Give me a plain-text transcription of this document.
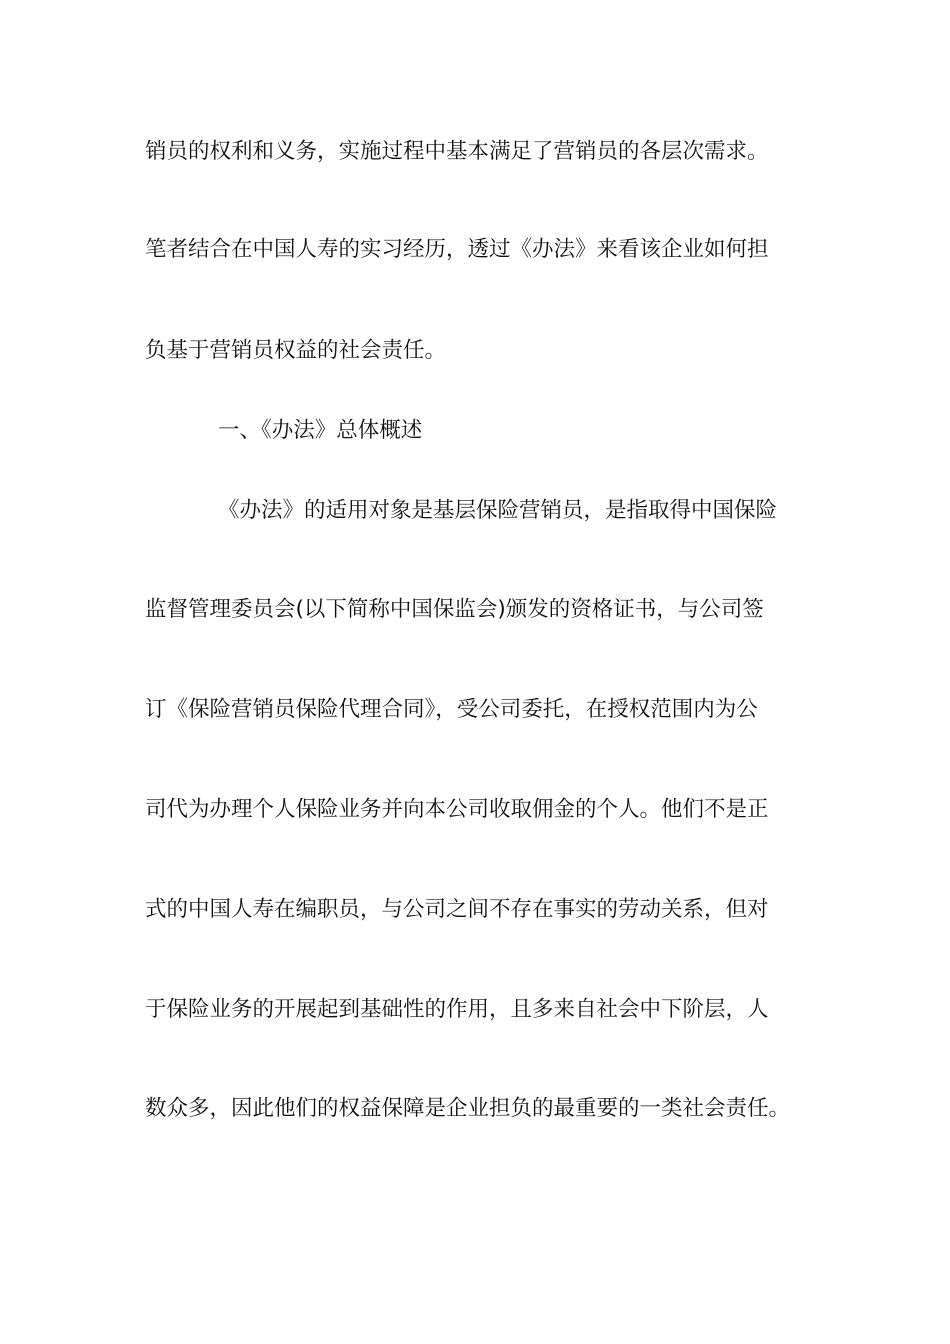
销员的权利和义务，实施过程中基本满足了营销员的各层次需求。

笔者结合在中国人寿的实习经历，透过《办法》来看该企业如何担

负基于营销员权益的社会责任。

一、《办法》总体概述

《办法》的适用对象是基层保险营销员，是指取得中国保险

监督管理委员会(以下简称中国保监会)颁发的资格证书，与公司签

订《保险营销员保险代理合同》，受公司委托，在授权范围内为公

司代为办理个人保险业务并向本公司收取佣金的个人。他们不是正

式的中国人寿在编职员，与公司之间不存在事实的劳动关系，但对

于保险业务的开展起到基础性的作用，且多来自社会中下阶层，人

数众多，因此他们的权益保障是企业担负的最重要的一类社会责任。
